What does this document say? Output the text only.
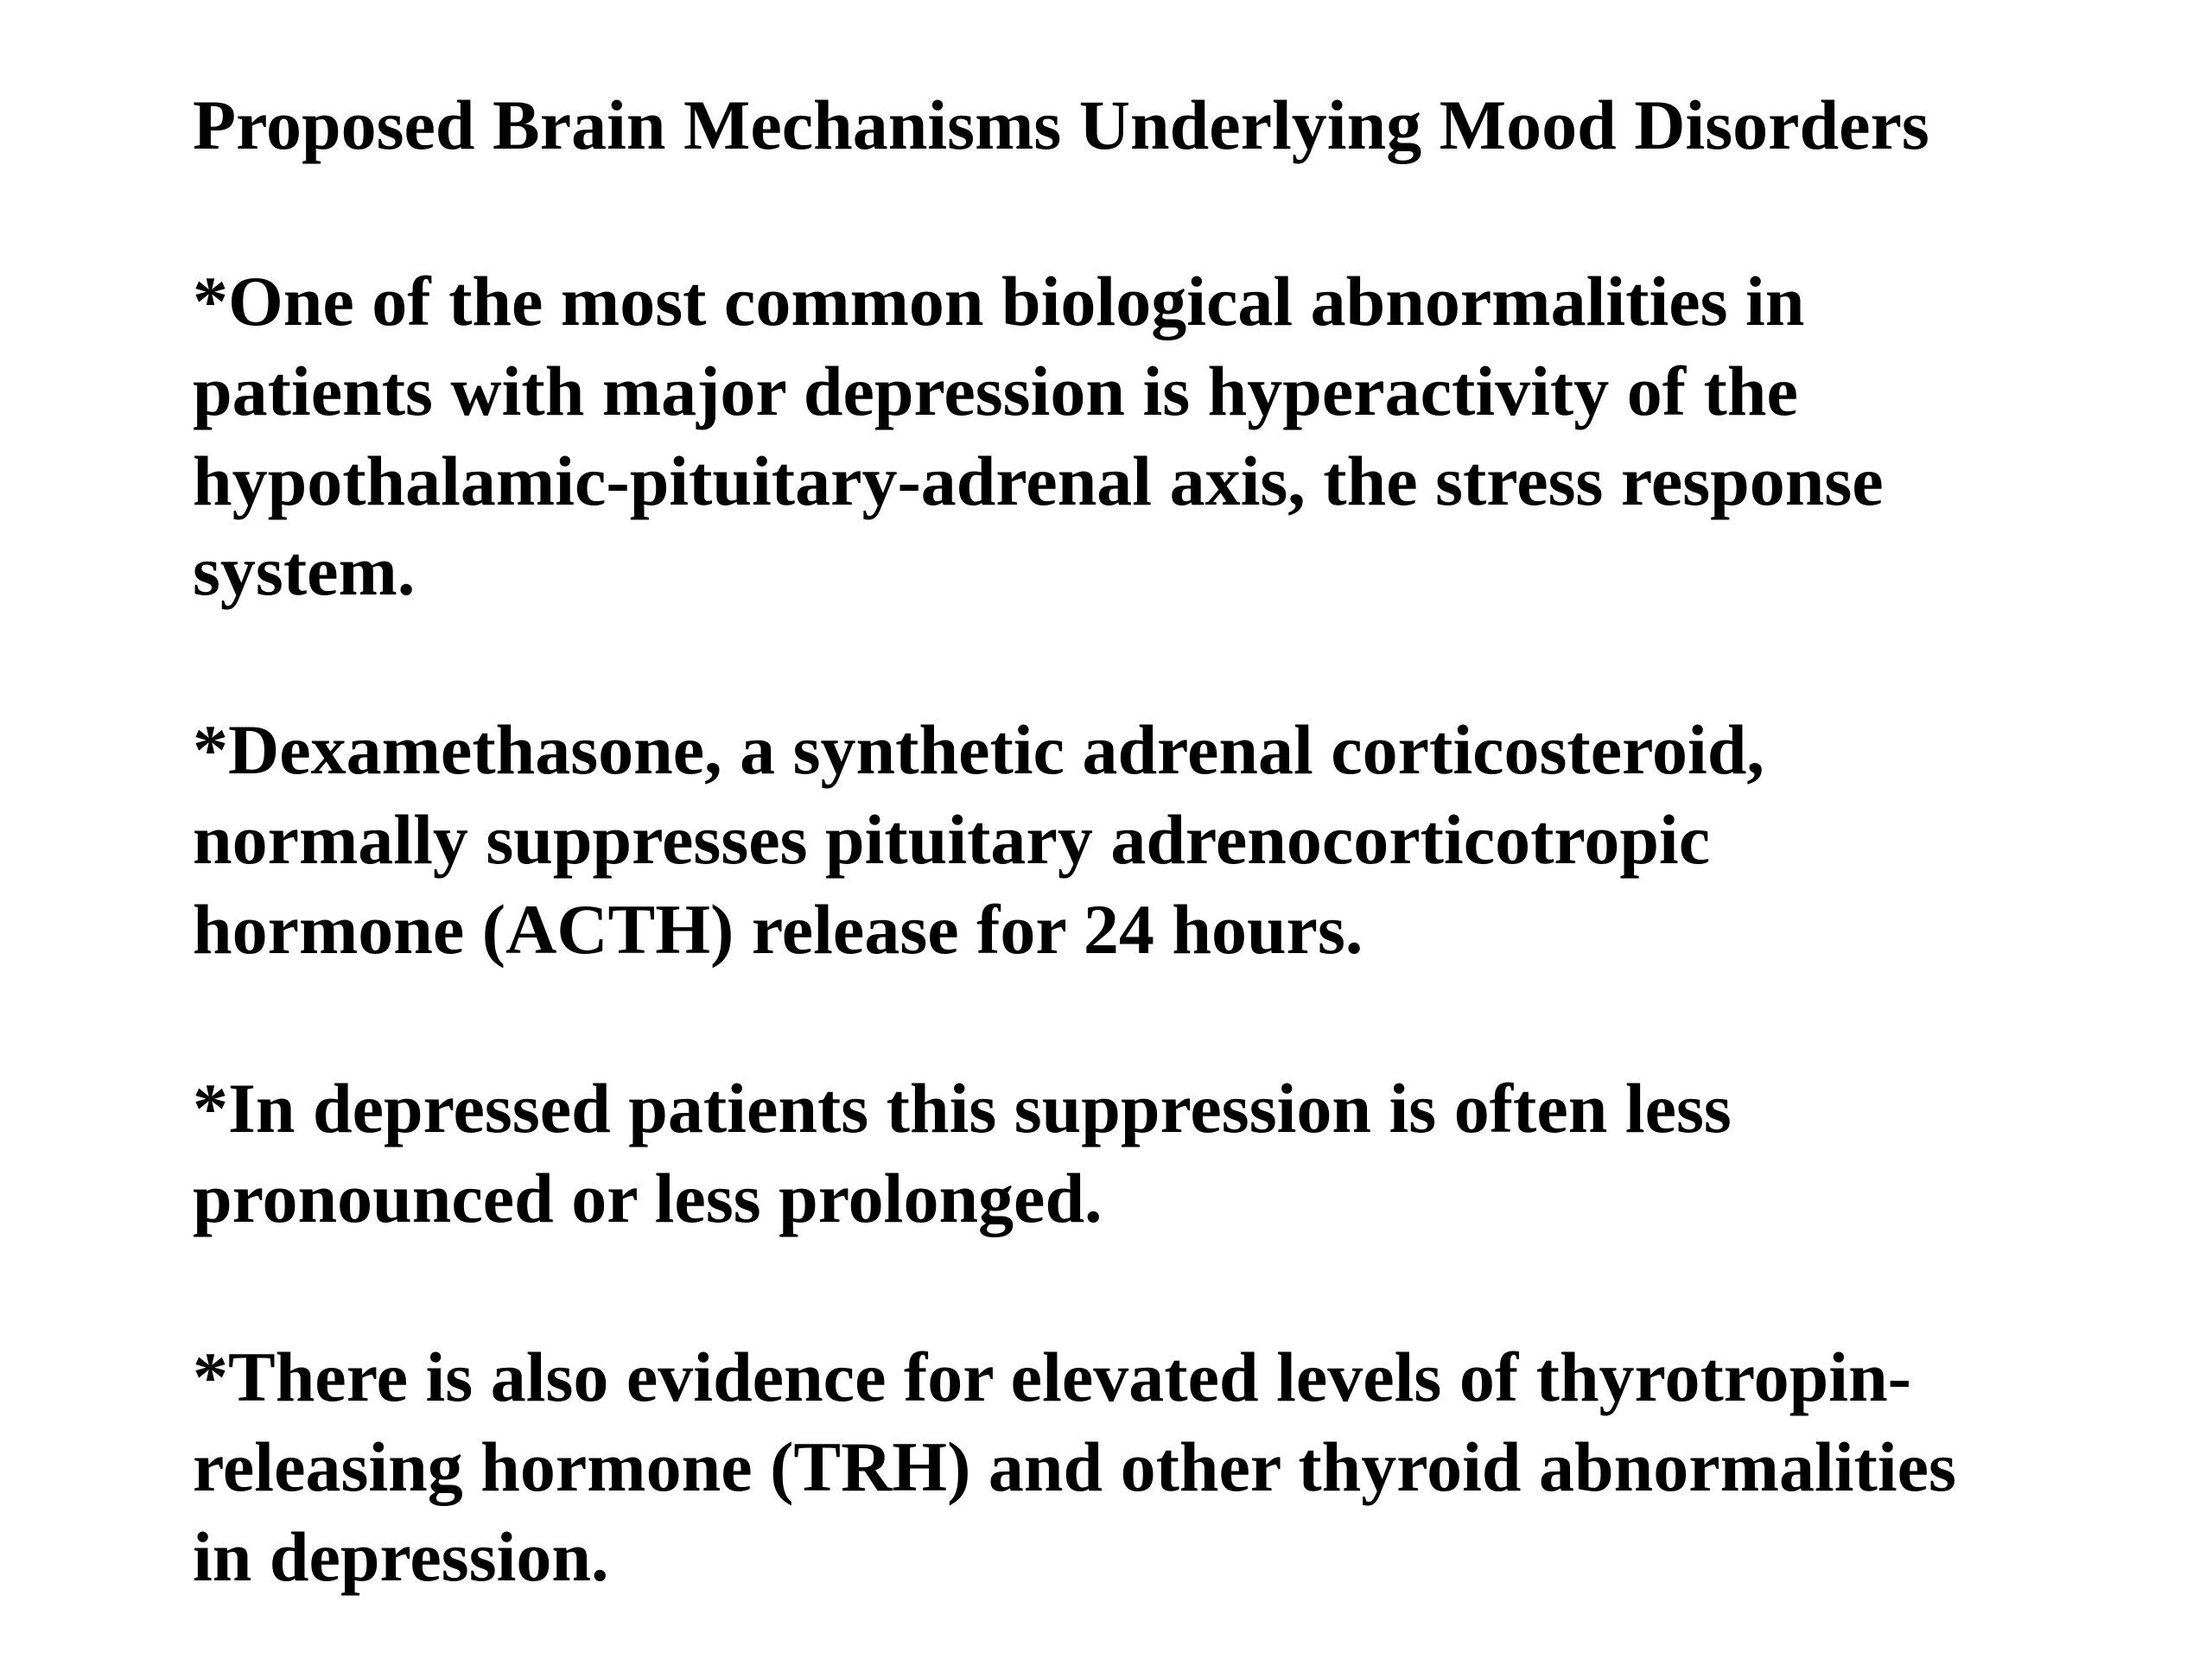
Proposed Brain Mechanisms Underlying Mood Disorders

*One of the most common biological abnormalities in
patients with major depression is hyperactivity of the
hypothalamic-pituitary-adrenal axis, the stress response
system.

*Dexamethasone, a synthetic adrenal corticosteroid,
normally suppresses pituitary adrenocorticotropic
hormone (ACTH) release for 24 hours.

*In depressed patients this suppression is often less
pronounced or less prolonged.

*There is also evidence for elevated levels of thyrotropin-
releasing hormone (TRH) and other thyroid abnormalities
in depression.
